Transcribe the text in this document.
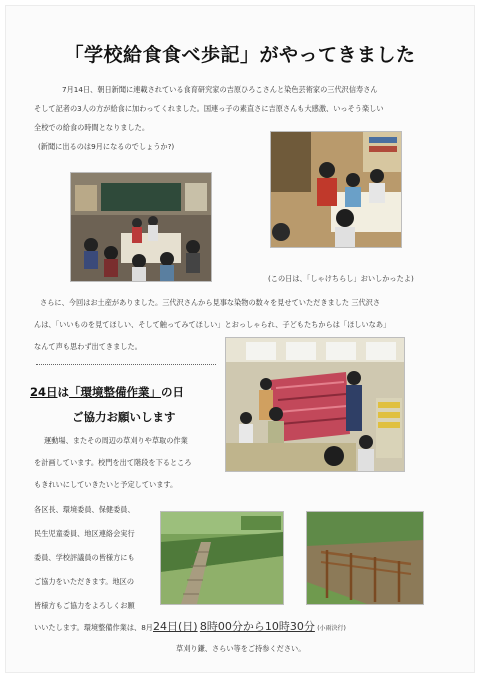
「学校給食食べ歩記」がやってきました
7月14日、朝日新聞に連載されている食育研究家の吉原ひろこさんと染色芸術家の三代沢信寿さん
そして記者の3人の方が給食に加わってくれました。国連っ子の素直さに吉原さんも大感激、いっそう楽しい
全校での給食の時間となりました。
(新聞に出るのは9月になるのでしょうか?)
(この日は、「しゃけちらし」おいしかったよ)
さらに、今回はお土産がありました。三代沢さんから見事な染物の数々を見せていただきました 三代沢さ
んは、「いいものを見てほしい、そして触ってみてほしい」とおっしゃられ、子どもたちからは「ほしいなあ」
なんて声も思わず出てきました。
24日は「環境整備作業」の日
ご協力お願いします
運動場、またその周辺の草刈りや草取の作業
を計画しています。校門を出て階段を下るところ
もきれいにしていきたいと予定しています。
各区長、環境委員、保健委員、
民生児童委員、地区連絡会実行
委員、学校評議員の皆様方にも
ご協力をいただきます。地区の
皆様方もご協力をよろしくお願
いいたします。環境整備作業は、8月24日(日) 8時00分から10時30分 (小雨決行)
草刈り鎌、さらい等をご持参ください。
